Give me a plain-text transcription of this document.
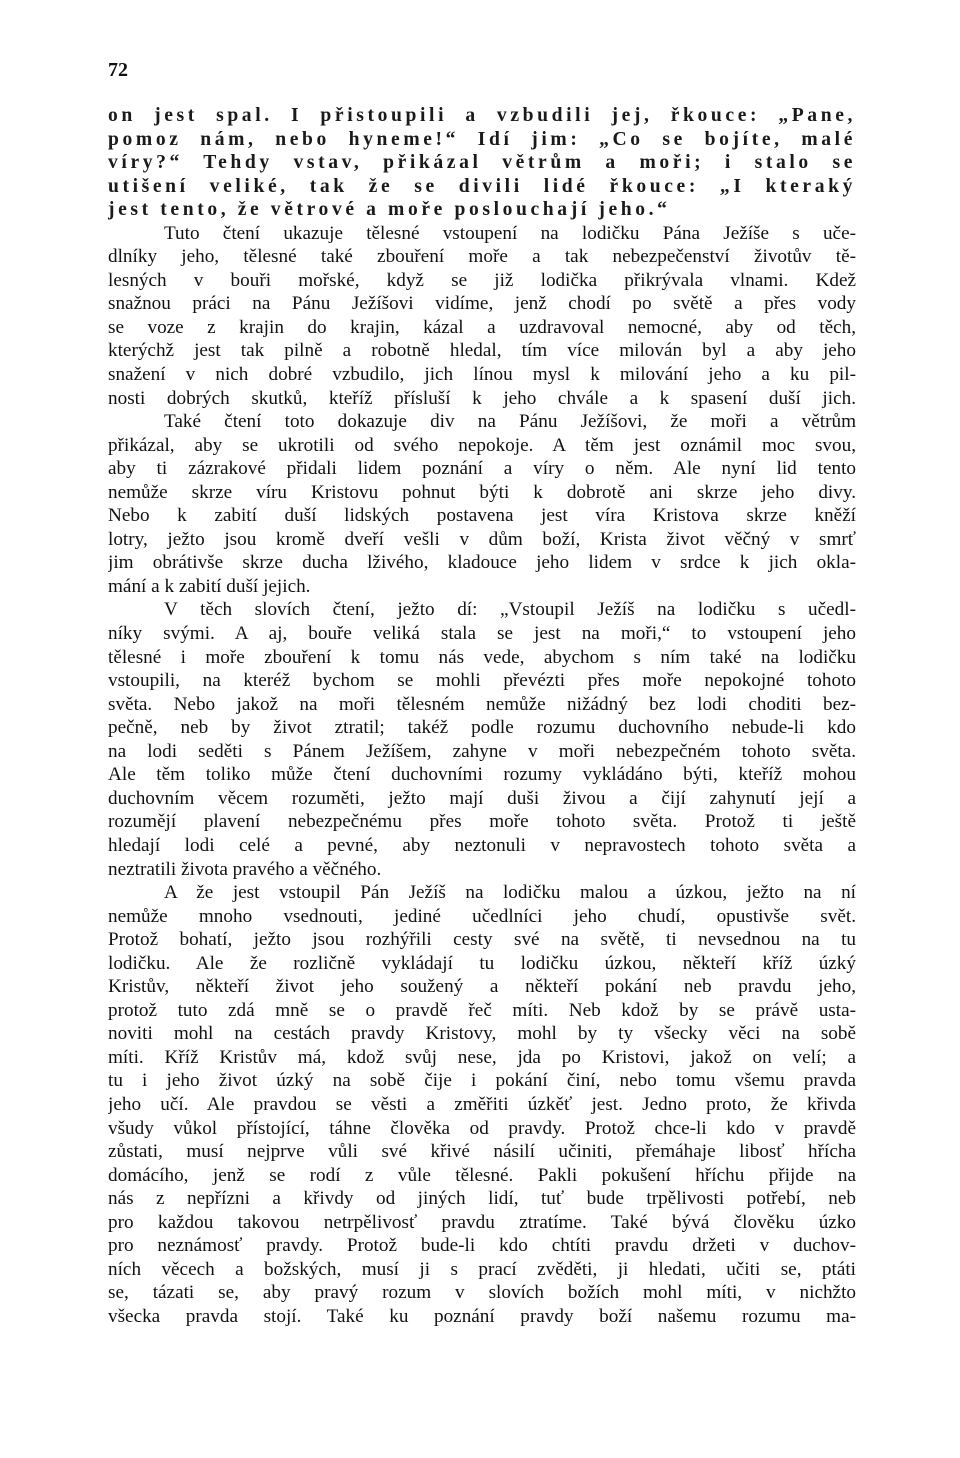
72
on jest spal. I přistoupili a vzbudili jej, řkouce: „Pane,
pomoz nám, nebo hyneme!“ Idí jim: „Co se bojíte, malé
víry?“ Tehdy vstav, přikázal větrům a moři; i stalo se
utišení veliké, tak že se divili lidé řkouce: „I kteraký
jest tento, že větrové a moře poslouchají jeho.“
Tuto čtení ukazuje tělesné vstoupení na lodičku Pána Ježíše s uče-
dlníky jeho, tělesné také zbouření moře a tak nebezpečenství životův tě-
lesných v bouři mořské, když se již lodička přikrývala vlnami. Kdež
snažnou práci na Pánu Ježíšovi vidíme, jenž chodí po světě a přes vody
se voze z krajin do krajin, kázal a uzdravoval nemocné, aby od těch,
kterýchž jest tak pilně a robotně hledal, tím více milován byl a aby jeho
snažení v nich dobré vzbudilo, jich línou mysl k milování jeho a ku pil-
nosti dobrých skutků, kteříž přísluší k jeho chvále a k spasení duší jich.
Také čtení toto dokazuje div na Pánu Ježíšovi, že moři a větrům
přikázal, aby se ukrotili od svého nepokoje. A těm jest oznámil moc svou,
aby ti zázrakové přidali lidem poznání a víry o něm. Ale nyní lid tento
nemůže skrze víru Kristovu pohnut býti k dobrotě ani skrze jeho divy.
Nebo k zabití duší lidských postavena jest víra Kristova skrze kněží
lotry, ježto jsou kromě dveří vešli v dům boží, Krista život věčný v smrť
jim obrátivše skrze ducha lživého, kladouce jeho lidem v srdce k jich okla-
mání a k zabití duší jejich.
V těch slovích čtení, ježto dí: „Vstoupil Ježíš na lodičku s učedl-
níky svými. A aj, bouře veliká stala se jest na moři,“ to vstoupení jeho
tělesné i moře zbouření k tomu nás vede, abychom s ním také na lodičku
vstoupili, na kteréž bychom se mohli převézti přes moře nepokojné tohoto
světa. Nebo jakož na moři tělesném nemůže nižádný bez lodi choditi bez-
pečně, neb by život ztratil; takéž podle rozumu duchovního nebude-li kdo
na lodi seděti s Pánem Ježíšem, zahyne v moři nebezpečném tohoto světa.
Ale těm toliko může čtení duchovními rozumy vykládáno býti, kteříž mohou
duchovním věcem rozuměti, ježto mají duši živou a čijí zahynutí její a
rozumějí plavení nebezpečnému přes moře tohoto světa. Protož ti ještě
hledají lodi celé a pevné, aby neztonuli v nepravostech tohoto světa a
neztratili života pravého a věčného.
A že jest vstoupil Pán Ježíš na lodičku malou a úzkou, ježto na ní
nemůže mnoho vsednouti, jediné učedlníci jeho chudí, opustivše svět.
Protož bohatí, ježto jsou rozhýřili cesty své na světě, ti nevsednou na tu
lodičku. Ale že rozličně vykládají tu lodičku úzkou, někteří kříž úzký
Kristův, někteří život jeho soužený a někteří pokání neb pravdu jeho,
protož tuto zdá mně se o pravdě řeč míti. Neb kdož by se právě usta-
noviti mohl na cestách pravdy Kristovy, mohl by ty všecky věci na sobě
míti. Kříž Kristův má, kdož svůj nese, jda po Kristovi, jakož on velí; a
tu i jeho život úzký na sobě čije i pokání činí, nebo tomu všemu pravda
jeho učí. Ale pravdou se věsti a změřiti úzkěť jest. Jedno proto, že křivda
všudy vůkol přístojící, táhne člověka od pravdy. Protož chce-li kdo v pravdě
zůstati, musí nejprve vůli své křivé násilí učiniti, přemáhaje libosť hřícha
domácího, jenž se rodí z vůle tělesné. Pakli pokušení hříchu přijde na
nás z nepřízni a křivdy od jiných lidí, tuť bude trpělivosti potřebí, neb
pro každou takovou netrpělivosť pravdu ztratíme. Také bývá člověku úzko
pro neznámosť pravdy. Protož bude-li kdo chtíti pravdu držeti v duchov-
ních věcech a božských, musí ji s prací zvěděti, ji hledati, učiti se, ptáti
se, tázati se, aby pravý rozum v slovích božích mohl míti, v nichžto
všecka pravda stojí. Také ku poznání pravdy boží našemu rozumu ma-
